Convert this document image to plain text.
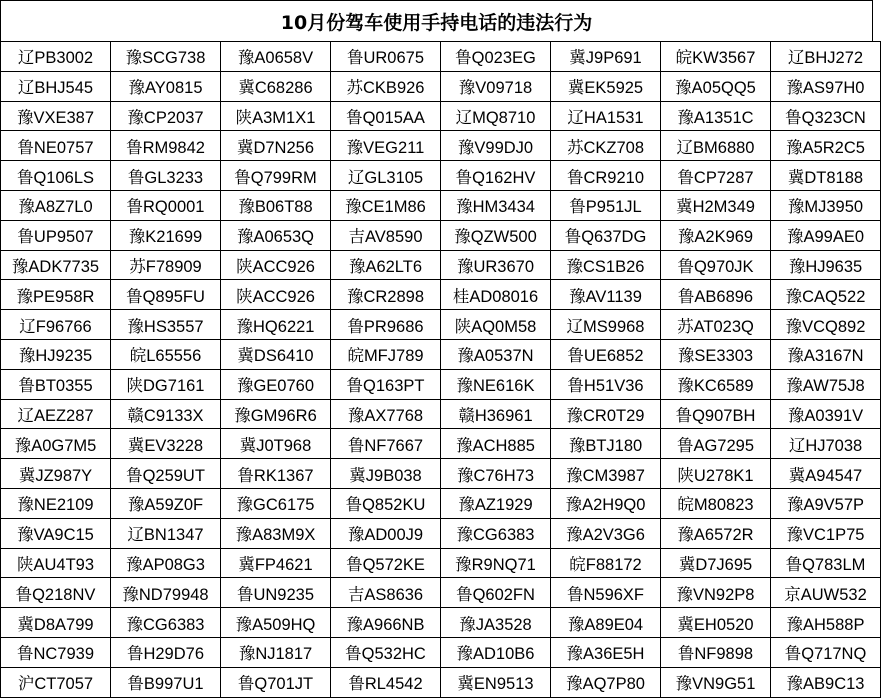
10月份驾车使用手持电话的违法行为
辽PB3002	豫SCG738	豫A0658V	鲁UR0675	鲁Q023EG	冀J9P691	皖KW3567	辽BHJ272
辽BHJ545	豫AY0815	冀C68286	苏CKB926	豫V09718	冀EK5925	豫A05QQ5	豫AS97H0
豫VXE387	豫CP2037	陕A3M1X1	鲁Q015AA	辽MQ8710	辽HA1531	豫A1351C	鲁Q323CN
鲁NE0757	鲁RM9842	冀D7N256	豫VEG211	豫V99DJ0	苏CKZ708	辽BM6880	豫A5R2C5
鲁Q106LS	鲁GL3233	鲁Q799RM	辽GL3105	鲁Q162HV	鲁CR9210	鲁CP7287	冀DT8188
豫A8Z7L0	鲁RQ0001	豫B06T88	豫CE1M86	豫HM3434	鲁P951JL	冀H2M349	豫MJ3950
鲁UP9507	豫K21699	豫A0653Q	吉AV8590	豫QZW500	鲁Q637DG	豫A2K969	豫A99AE0
豫ADK7735	苏F78909	陕ACC926	豫A62LT6	豫UR3670	豫CS1B26	鲁Q970JK	豫HJ9635
豫PE958R	鲁Q895FU	陕ACC926	豫CR2898	桂AD08016	豫AV1139	鲁AB6896	豫CAQ522
辽F96766	豫HS3557	豫HQ6221	鲁PR9686	陕AQ0M58	辽MS9968	苏AT023Q	豫VCQ892
豫HJ9235	皖L65556	冀DS6410	皖MFJ789	豫A0537N	鲁UE6852	豫SE3303	豫A3167N
鲁BT0355	陕DG7161	豫GE0760	鲁Q163PT	豫NE616K	鲁H51V36	豫KC6589	豫AW75J8
辽AEZ287	赣C9133X	豫GM96R6	豫AX7768	赣H36961	豫CR0T29	鲁Q907BH	豫A0391V
豫A0G7M5	冀EV3228	冀J0T968	鲁NF7667	豫ACH885	豫BTJ180	鲁AG7295	辽HJ7038
冀JZ987Y	鲁Q259UT	鲁RK1367	冀J9B038	豫C76H73	豫CM3987	陕U278K1	冀A94547
豫NE2109	豫A59Z0F	豫GC6175	鲁Q852KU	豫AZ1929	豫A2H9Q0	皖M80823	豫A9V57P
豫VA9C15	辽BN1347	豫A83M9X	豫AD00J9	豫CG6383	豫A2V3G6	豫A6572R	豫VC1P75
陕AU4T93	豫AP08G3	冀FP4621	鲁Q572KE	豫R9NQ71	皖F88172	冀D7J695	鲁Q783LM
鲁Q218NV	豫ND79948	鲁UN9235	吉AS8636	鲁Q602FN	鲁N596XF	豫VN92P8	京AUW532
冀D8A799	豫CG6383	豫A509HQ	豫A966NB	豫JA3528	豫A89E04	冀EH0520	豫AH588P
鲁NC7939	鲁H29D76	豫NJ1817	鲁Q532HC	豫AD10B6	豫A36E5H	鲁NF9898	鲁Q717NQ
沪CT7057	鲁B997U1	鲁Q701JT	鲁RL4542	冀EN9513	豫AQ7P80	豫VN9G51	豫AB9C13
